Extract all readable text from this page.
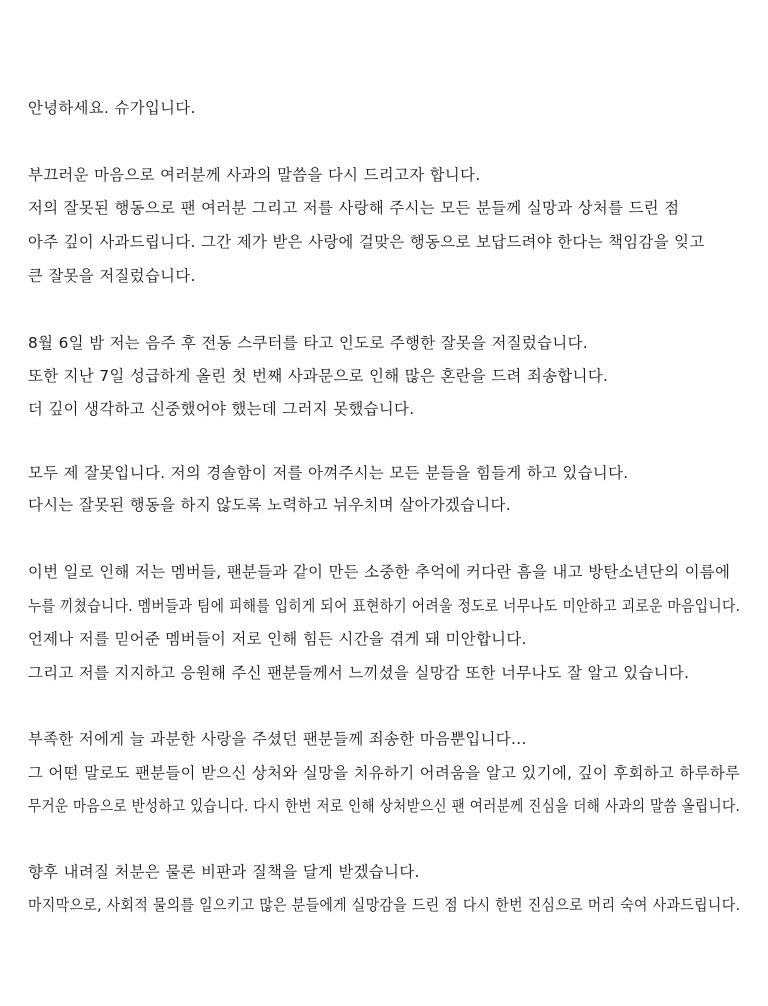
안녕하세요. 슈가입니다.

부끄러운 마음으로 여러분께 사과의 말씀을 다시 드리고자 합니다.

저의 잘못된 행동으로 팬 여러분 그리고 저를 사랑해 주시는 모든 분들께 실망과 상처를 드린 점

아주 깊이 사과드립니다. 그간 제가 받은 사랑에 걸맞은 행동으로 보답드려야 한다는 책임감을 잊고

큰 잘못을 저질렀습니다.

8월 6일 밤 저는 음주 후 전동 스쿠터를 타고 인도로 주행한 잘못을 저질렀습니다.

또한 지난 7일 성급하게 올린 첫 번째 사과문으로 인해 많은 혼란을 드려 죄송합니다.

더 깊이 생각하고 신중했어야 했는데 그러지 못했습니다.

모두 제 잘못입니다. 저의 경솔함이 저를 아껴주시는 모든 분들을 힘들게 하고 있습니다.

다시는 잘못된 행동을 하지 않도록 노력하고 뉘우치며 살아가겠습니다.

이번 일로 인해 저는 멤버들, 팬분들과 같이 만든 소중한 추억에 커다란 흠을 내고 방탄소년단의 이름에

누를 끼쳤습니다. 멤버들과 팀에 피해를 입히게 되어 표현하기 어려울 정도로 너무나도 미안하고 괴로운 마음입니다.

언제나 저를 믿어준 멤버들이 저로 인해 힘든 시간을 겪게 돼 미안합니다.

그리고 저를 지지하고 응원해 주신 팬분들께서 느끼셨을 실망감 또한 너무나도 잘 알고 있습니다.

부족한 저에게 늘 과분한 사랑을 주셨던 팬분들께 죄송한 마음뿐입니다...

그 어떤 말로도 팬분들이 받으신 상처와 실망을 치유하기 어려움을 알고 있기에, 깊이 후회하고 하루하루

무거운 마음으로 반성하고 있습니다. 다시 한번 저로 인해 상처받으신 팬 여러분께 진심을 더해 사과의 말씀 올립니다.

향후 내려질 처분은 물론 비판과 질책을 달게 받겠습니다.

마지막으로, 사회적 물의를 일으키고 많은 분들에게 실망감을 드린 점 다시 한번 진심으로 머리 숙여 사과드립니다.
